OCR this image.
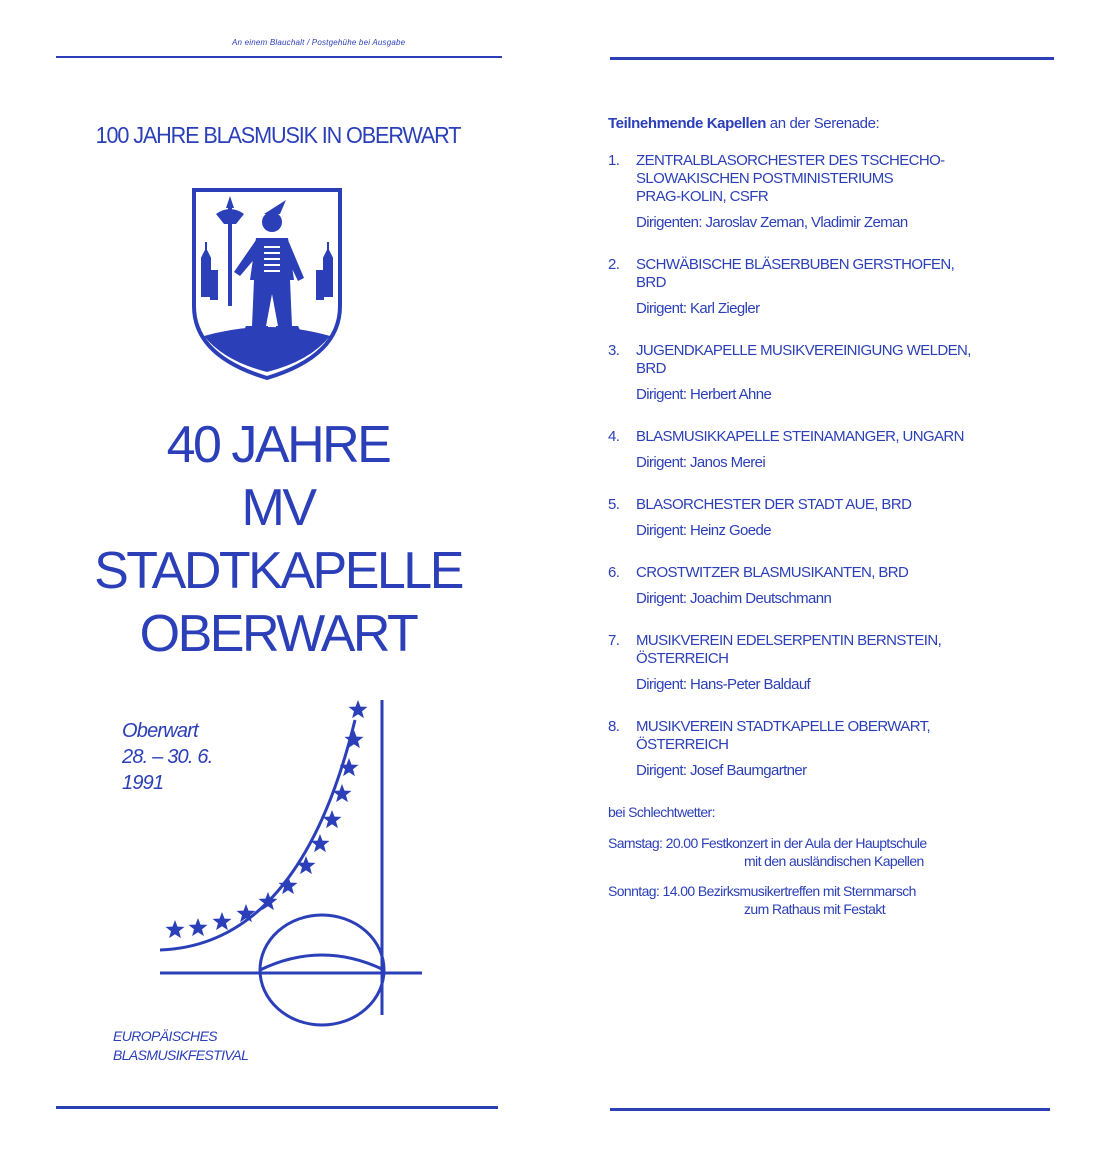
An einem Blauchalt / Postgehühe bei Ausgabe
100 JAHRE BLASMUSIK IN OBERWART
40 JAHRE
MV
STADTKAPELLE
OBERWART
Oberwart
28. – 30. 6.
1991
EUROPÄISCHES
BLASMUSIKFESTIVAL
Teilnehmende Kapellen an der Serenade:
1.	ZENTRALBLASORCHESTER DES TSCHECHO-
SLOWAKISCHEN POSTMINISTERIUMS
PRAG-KOLIN, CSFR
Dirigenten: Jaroslav Zeman, Vladimir Zeman
2.	SCHWÄBISCHE BLÄSERBUBEN GERSTHOFEN,
BRD
Dirigent: Karl Ziegler
3.	JUGENDKAPELLE MUSIKVEREINIGUNG WELDEN,
BRD
Dirigent: Herbert Ahne
4.	BLASMUSIKKAPELLE STEINAMANGER, UNGARN
Dirigent: Janos Merei
5.	BLASORCHESTER DER STADT AUE, BRD
Dirigent: Heinz Goede
6.	CROSTWITZER BLASMUSIKANTEN, BRD
Dirigent: Joachim Deutschmann
7.	MUSIKVEREIN EDELSERPENTIN BERNSTEIN,
ÖSTERREICH
Dirigent: Hans-Peter Baldauf
8.	MUSIKVEREIN STADTKAPELLE OBERWART,
ÖSTERREICH
Dirigent: Josef Baumgartner
bei Schlechtwetter:
Samstag: 20.00 Festkonzert in der Aula der Hauptschule
mit den ausländischen Kapellen
Sonntag: 14.00 Bezirksmusikertreffen mit Sternmarsch
zum Rathaus mit Festakt
